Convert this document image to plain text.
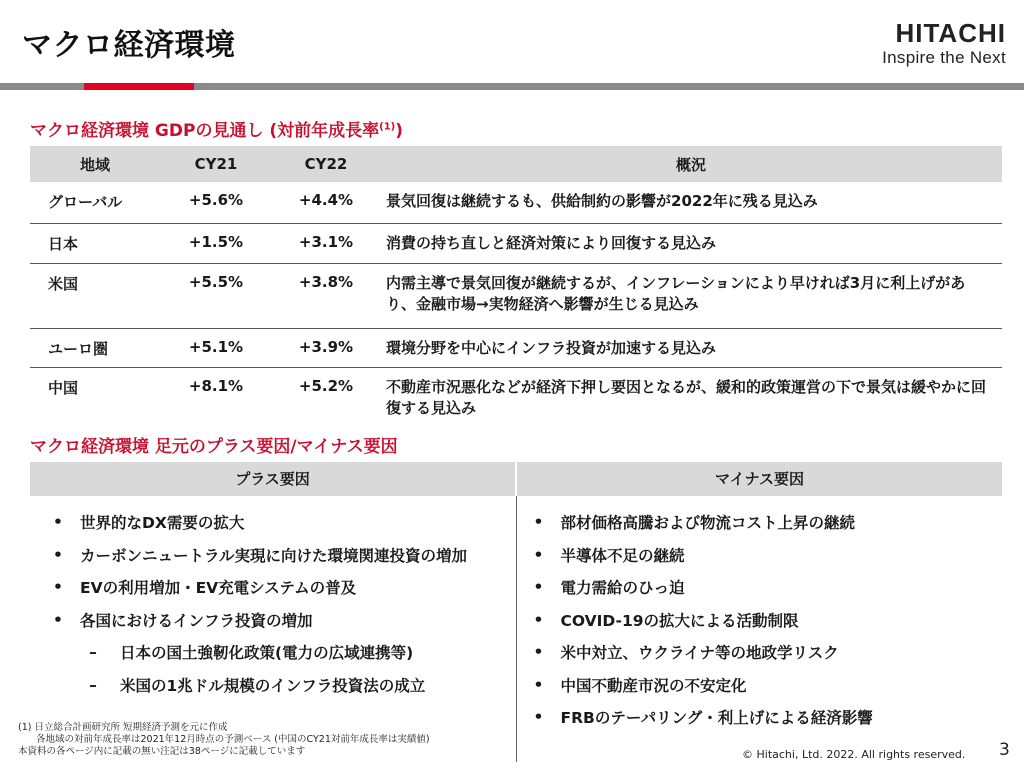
マクロ経済環境	HITACHI
Inspire the Next
マクロ経済環境 GDPの見通し (対前年成長率$^{(1)}$)
地域	CY21	CY22	概況
グローバル	+5.6%	+4.4%	景気回復は継続するも、供給制約の影響が2022年に残る見込み
日本	+1.5%	+3.1%	消費の持ち直しと経済対策により回復する見込み
米国	+5.5%	+3.8%	内需主導で景気回復が継続するが、インフレーションにより早ければ3月に利上げがあり、金融市場→実物経済へ影響が生じる見込み
ユーロ圏	+5.1%	+3.9%	環境分野を中心にインフラ投資が加速する見込み
中国	+8.1%	+5.2%	不動産市況悪化などが経済下押し要因となるが、緩和的政策運営の下で景気は緩やかに回復する見込み
マクロ経済環境 足元のプラス要因/マイナス要因
プラス要因	マイナス要因
•	世界的なDX需要の拡大
•	カーボンニュートラル実現に向けた環境関連投資の増加
•	EVの利用増加・EV充電システムの普及
•	各国におけるインフラ投資の増加
–	日本の国土強靭化政策(電力の広域連携等)
–	米国の1兆ドル規模のインフラ投資法の成立
• 部材価格高騰および物流コスト上昇の継続
• 半導体不足の継続
• 電力需給のひっ迫
• COVID-19の拡大による活動制限
• 米中対立、ウクライナ等の地政学リスク
• 中国不動産市況の不安定化
• FRBのテーパリング・利上げによる経済影響
(1) 日立総合計画研究所 短期経済予測を元に作成
各地域の対前年成長率は2021年12月時点の予測ベース (中国のCY21対前年成長率は実績値)
本資料の各ページ内に記載の無い注記は38ページに記載しています	© Hitachi, Ltd. 2022. All rights reserved. 3
